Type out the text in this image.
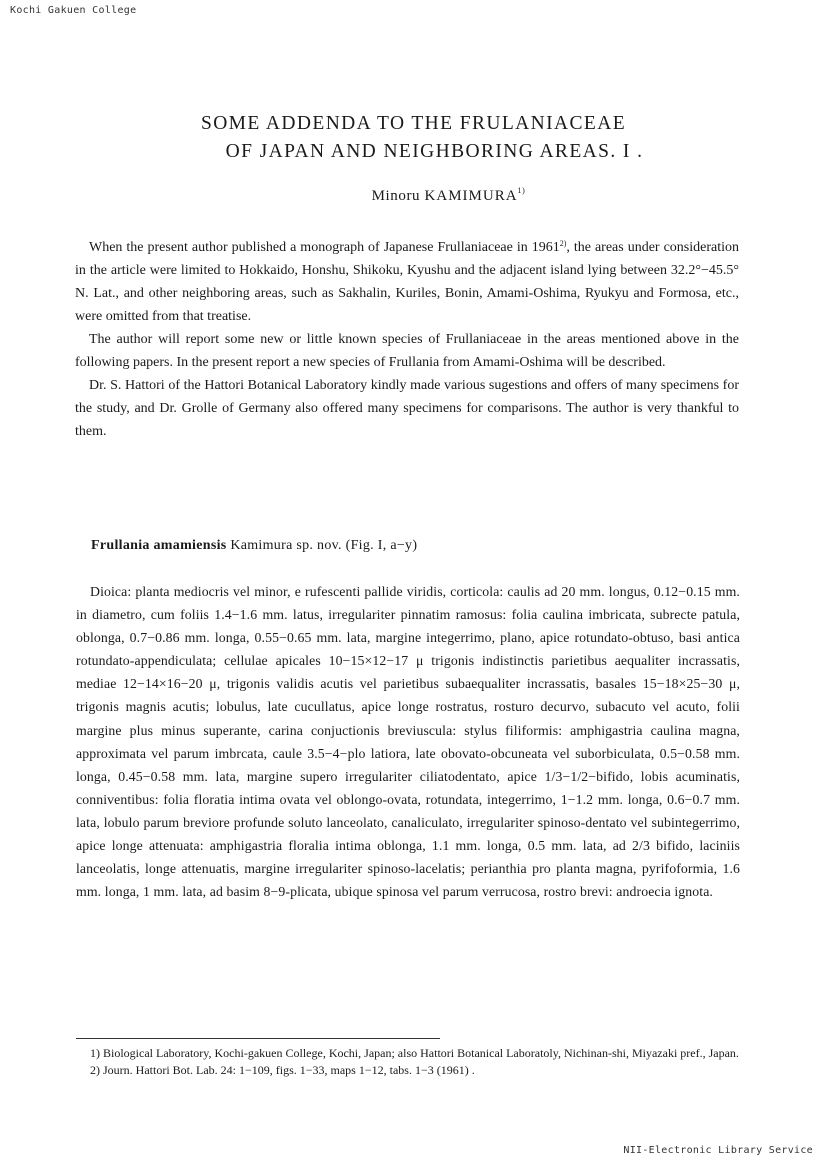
Kochi Gakuen College
SOME ADDENDA TO THE FRULANIACEAE
OF JAPAN AND NEIGHBORING AREAS. I .
Minoru KAMIMURA$^{1)}$

When the present author published a monograph of Japanese Frullaniaceae in 1961$^{2)}$, the areas under consideration in the article were limited to Hokkaido, Honshu, Shikoku, Kyushu and the adjacent island lying between 32.2°−45.5° N. Lat., and other neighboring areas, such as Sakhalin, Kuriles, Bonin, Amami-Oshima, Ryukyu and Formosa, etc., were omitted from that treatise.

The author will report some new or little known species of Frullaniaceae in the areas mentioned above in the following papers. In the present report a new species of Frullania from Amami-Oshima will be described.

Dr. S. Hattori of the Hattori Botanical Laboratory kindly made various sugestions and offers of many specimens for the study, and Dr. Grolle of Germany also offered many specimens for comparisons. The author is very thankful to them.

Frullania amamiensis Kamimura sp. nov. (Fig. I, a−y)

Dioica: planta mediocris vel minor, e rufescenti pallide viridis, corticola: caulis ad 20 mm. longus, 0.12−0.15 mm. in diametro, cum foliis 1.4−1.6 mm. latus, irregulariter pinnatim ramosus: folia caulina imbricata, subrecte patula, oblonga, 0.7−0.86 mm. longa, 0.55−0.65 mm. lata, margine integerrimo, plano, apice rotundato-obtuso, basi antica rotundato-appendiculata; cellulae apicales 10−15×12−17 μ trigonis indistinctis parietibus aequaliter incrassatis, mediae 12−14×16−20 μ, trigonis validis acutis vel parietibus subaequaliter incrassatis, basales 15−18×25−30 μ, trigonis magnis acutis; lobulus, late cucullatus, apice longe rostratus, rosturo decurvo, subacuto vel acuto, folii margine plus minus superante, carina conjuctionis breviuscula: stylus filiformis: amphigastria caulina magna, approximata vel parum imbrcata, caule 3.5−4−plo latiora, late obovato-obcuneata vel suborbiculata, 0.5−0.58 mm. longa, 0.45−0.58 mm. lata, margine supero irregulariter ciliatodentato, apice 1/3−1/2−bifido, lobis acuminatis, conniventibus: folia floratia intima ovata vel oblongo-ovata, rotundata, integerrimo, 1−1.2 mm. longa, 0.6−0.7 mm. lata, lobulo parum breviore profunde soluto lanceolato, canaliculato, irregulariter spinoso-dentato vel subintegerrimo, apice longe attenuata: amphigastria floralia intima oblonga, 1.1 mm. longa, 0.5 mm. lata, ad 2/3 bifido, laciniis lanceolatis, longe attenuatis, margine irregulariter spinoso-lacelatis; perianthia pro planta magna, pyrifoformia, 1.6 mm. longa, 1 mm. lata, ad basim 8−9-plicata, ubique spinosa vel parum verrucosa, rostro brevi: androecia ignota.

1) Biological Laboratory, Kochi-gakuen College, Kochi, Japan; also Hattori Botanical Laboratoly, Nichinan-shi, Miyazaki pref., Japan.

2) Journ. Hattori Bot. Lab. 24: 1−109, figs. 1−33, maps 1−12, tabs. 1−3 (1961) .

NII-Electronic Library Service
